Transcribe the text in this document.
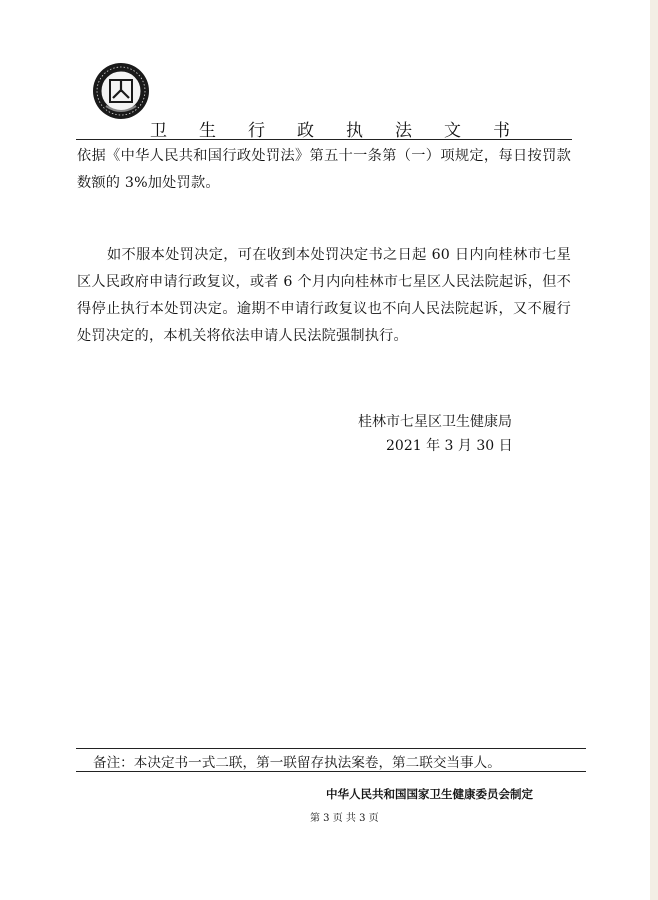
卫 生 行 政 执 法 文 书

依据《中华人民共和国行政处罚法》第五十一条第（一）项规定，每日按罚款数额的 3%加处罚款。

如不服本处罚决定，可在收到本处罚决定书之日起 60 日内向桂林市七星区人民政府申请行政复议，或者 6 个月内向桂林市七星区人民法院起诉，但不得停止执行本处罚决定。逾期不申请行政复议也不向人民法院起诉，又不履行处罚决定的，本机关将依法申请人民法院强制执行。

桂林市七星区卫生健康局
2021 年 3 月 30 日
备注：本决定书一式二联，第一联留存执法案卷，第二联交当事人。
中华人民共和国国家卫生健康委员会制定
第 3 页 共 3 页
